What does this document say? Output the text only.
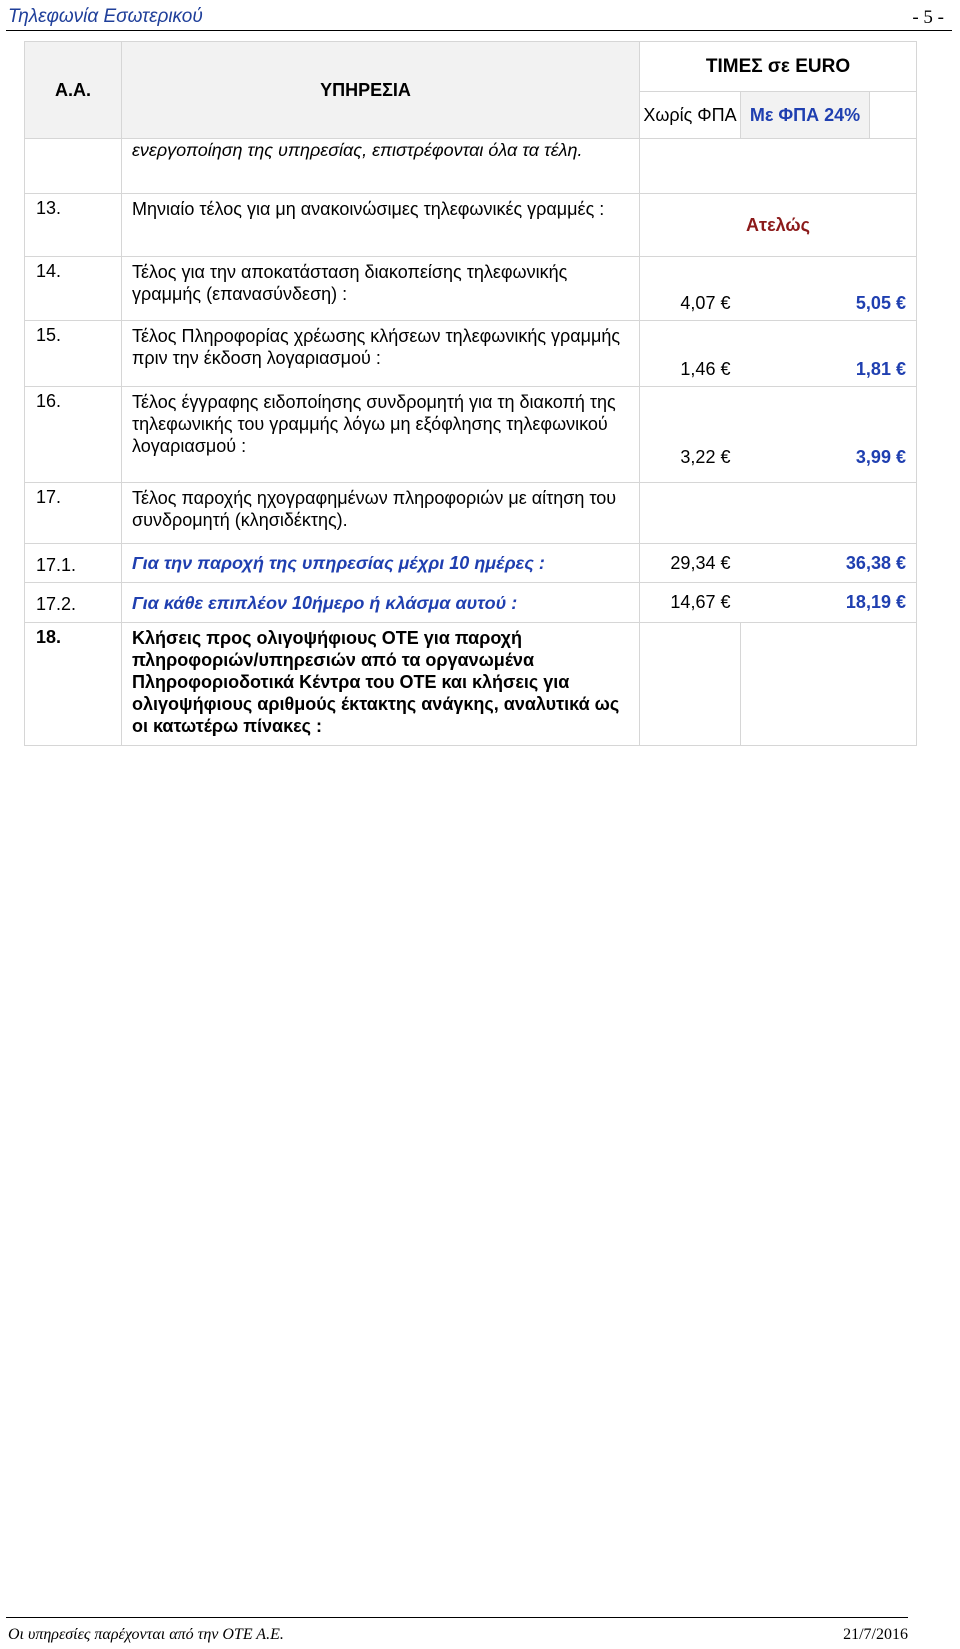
Τηλεφωνία Εσωτερικού	- 5 -
Α.Α.	ΥΠΗΡΕΣΙΑ	ΤΙΜΕΣ σε EURO		
		Χωρίς ΦΠΑ	Με ΦΠΑ 24%	
	ενεργοποίηση της υπηρεσίας, επιστρέφονται όλα τα τέλη.			
13.	Μηνιαίο τέλος για μη ανακοινώσιμες τηλεφωνικές γραμμές :	Ατελώς		
14.	Τέλος για την αποκατάσταση διακοπείσης τηλεφωνικής γραμμής (επανασύνδεση) :	4,07 €	5,05 €	
15.	Τέλος Πληροφορίας χρέωσης κλήσεων τηλεφωνικής γραμμής πριν την έκδοση λογαριασμού :	1,46 €	1,81 €	
16.	Τέλος έγγραφης ειδοποίησης συνδρομητή για τη διακοπή της τηλεφωνικής του γραμμής λόγω μη εξόφλησης τηλεφωνικού λογαριασμού :	3,22 €	3,99 €	
17.	Τέλος παροχής ηχογραφημένων πληροφοριών με αίτηση του συνδρομητή (κλησιδέκτης).			
17.1.	Για την παροχή της υπηρεσίας μέχρι 10 ημέρες :	29,34 €	36,38 €	
17.2.	Για κάθε επιπλέον 10ήμερο ή κλάσμα αυτού :	14,67 €	18,19 €	
18.	Κλήσεις προς ολιγοψήφιους ΟΤΕ για παροχή πληροφοριών/υπηρεσιών από τα οργανωμένα Πληροφοριοδοτικά Κέντρα του ΟΤΕ και κλήσεις για ολιγοψήφιους αριθμούς έκτακτης ανάγκης, αναλυτικά ως οι κατωτέρω πίνακες :			
Οι υπηρεσίες παρέχονται από την ΟΤΕ Α.Ε.	21/7/2016
